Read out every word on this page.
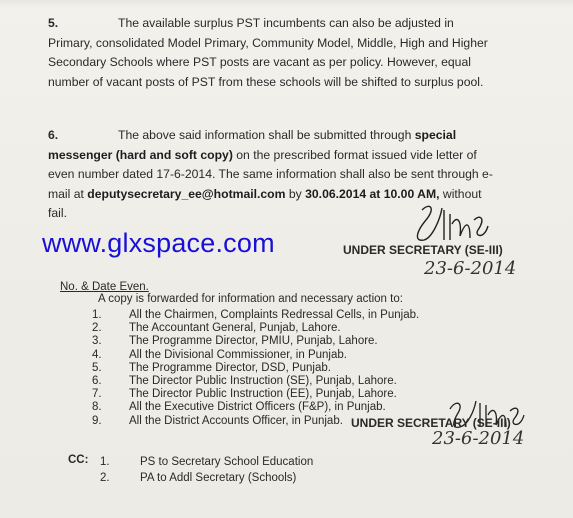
5.	The available surplus PST incumbents can also be adjusted in Primary, consolidated Model Primary, Community Model, Middle, High and Higher Secondary Schools where PST posts are vacant as per policy. However, equal number of vacant posts of PST from these schools will be shifted to surplus pool.
6.	The above said information shall be submitted through special messenger (hard and soft copy) on the prescribed format issued vide letter of even number dated 17-6-2014. The same information shall also be sent through e-mail at deputysecretary_ee@hotmail.com by 30.06.2014 at 10.00 AM, without fail.
www.glxspace.com	UNDER SECRETARY (SE-III)
23-6-2014
No. & Date Even.
A copy is forwarded for information and necessary action to:
1. All the Chairmen, Complaints Redressal Cells, in Punjab.
2. The Accountant General, Punjab, Lahore.
3. The Programme Director, PMIU, Punjab, Lahore.
4. All the Divisional Commissioner, in Punjab.
5. The Programme Director, DSD, Punjab.
6. The Director Public Instruction (SE), Punjab, Lahore.
7. The Director Public Instruction (EE), Punjab, Lahore.
8. All the Executive District Officers (F&P), in Punjab.
9. All the District Accounts Officer, in Punjab. UNDER SECRETARY (SE-III)
23-6-2014
CC: 1.	PS to Secretary School Education
2.	PA to Addl Secretary (Schools)
